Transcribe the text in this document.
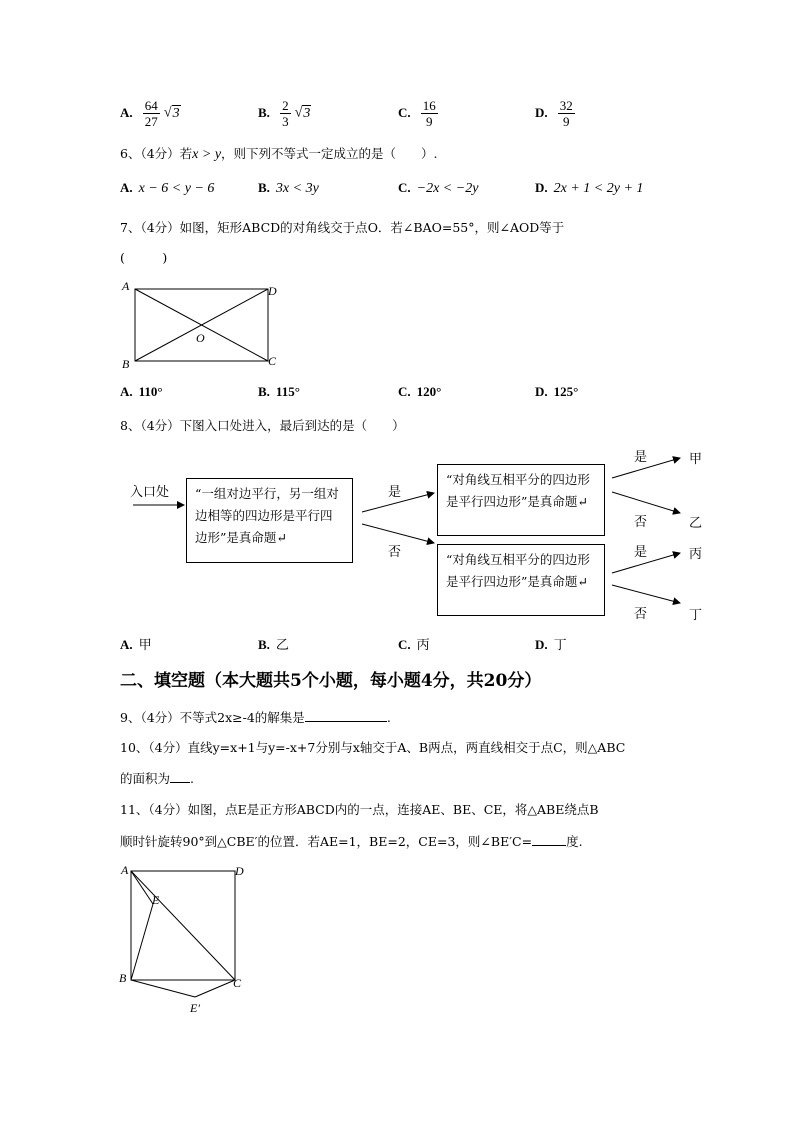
A. $\frac{64}{27} √3$	B. $\frac{2}{3} √3$	C. $\frac{16}{9}$	D. $\frac{32}{9}$
6、（4分）若x > y，则下列不等式一定成立的是（　　）.
A. x − 6 < y − 6	B. 3x < 3y	C. −2x < −2y	D. 2x + 1 < 2y + 1
7、（4分）如图，矩形ABCD的对角线交于点O．若∠BAO=55°，则∠AOD等于
(　　　)
A	D
B	C
O
A. 110°	B. 115°	C. 120°	D. 125°
8、（4分）下图入口处进入，最后到达的是（　　）
入口处	“一组对边平行，另一组对边相等的四边形是平行四边形”是真命题↵
“对角线互相平分的四边形是平行四边形”是真命题↵
“对角线互相平分的四边形是平行四边形”是真命题↵
是
否
是
否
是
否
甲
乙
丙
丁
A. 甲	B. 乙	C. 丙	D. 丁
二、填空题（本大题共5个小题，每小题4分，共20分）
9、（4分）不等式2x≥-4的解集是	.
10、（4分）直线y=x+1与y=-x+7分别与x轴交于A、B两点，两直线相交于点C，则△ABC
的面积为 .
11、（4分）如图，点E是正方形ABCD内的一点，连接AE、BE、CE，将△ABE绕点B
顺时针旋转90°到△CBE′的位置．若AE=1，BE=2，CE=3，则∠BE′C=	度.
A	D
E
B	C
E′
